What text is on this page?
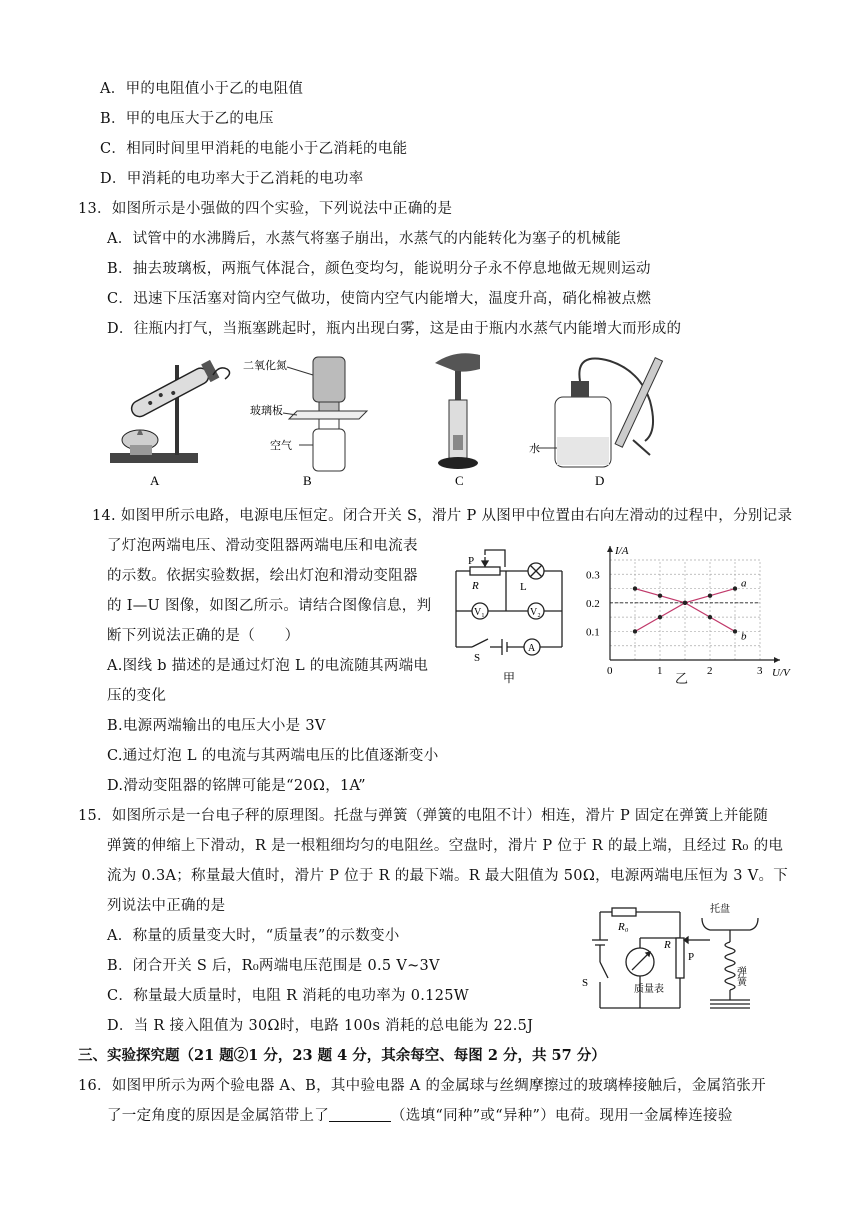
A．甲的电阻值小于乙的电阻值
B．甲的电压大于乙的电压
C．相同时间里甲消耗的电能小于乙消耗的电能
D．甲消耗的电功率大于乙消耗的电功率
13．如图所示是小强做的四个实验，下列说法中正确的是
A．试管中的水沸腾后，水蒸气将塞子崩出，水蒸气的内能转化为塞子的机械能
B．抽去玻璃板，两瓶气体混合，颜色变均匀，能说明分子永不停息地做无规则运动
C．迅速下压活塞对筒内空气做功，使筒内空气内能增大，温度升高，硝化棉被点燃
D．往瓶内打气，当瓶塞跳起时，瓶内出现白雾，这是由于瓶内水蒸气内能增大而形成的
A
二氧化氮
玻璃板
空气
B	C
水
D
14. 如图甲所示电路，电源电压恒定。闭合开关 S，滑片 P 从图甲中位置由右向左滑动的过程中，分别记录
了灯泡两端电压、滑动变阻器两端电压和电流表
的示数。依据实验数据，绘出灯泡和滑动变阻器
的 I—U 图像，如图乙所示。请结合图像信息，判
断下列说法正确的是（　　）
A.图线 b 描述的是通过灯泡 L 的电流随其两端电
压的变化
B.电源两端输出的电压大小是 3V
C.通过灯泡 L 的电流与其两端电压的比值逐渐变小
D.滑动变阻器的铭牌可能是“20Ω，1A”
P
R	L
V₁	V₂
S
A
甲	0	1	2	3
0.1
0.2
0.3
a
b
I/A
U/V
乙
15．如图所示是一台电子秤的原理图。托盘与弹簧（弹簧的电阻不计）相连，滑片 P 固定在弹簧上并能随
弹簧的伸缩上下滑动，R 是一根粗细均匀的电阻丝。空盘时，滑片 P 位于 R 的最上端，且经过 R₀ 的电
流为 0.3A；称量最大值时，滑片 P 位于 R 的最下端。R 最大阻值为 50Ω，电源两端电压恒为 3 V。下
列说法中正确的是
A．称量的质量变大时，“质量表”的示数变小
B．闭合开关 S 后，R₀两端电压范围是 0.5 V~3V
C．称量最大质量时，电阻 R 消耗的电功率为 0.125W
D．当 R 接入阻值为 30Ω时，电路 100s 消耗的总电能为 22.5J
R₀
R
P
S
质量表
托盘
弹簧
三、实验探究题（21 题②1 分，23 题 4 分，其余每空、每图 2 分，共 57 分）
16．如图甲所示为两个验电器 A、B，其中验电器 A 的金属球与丝绸摩擦过的玻璃棒接触后，金属箔张开
了一定角度的原因是金属箔带上了	（选填“同种”或“异种”）电荷。现用一金属棒连接验
